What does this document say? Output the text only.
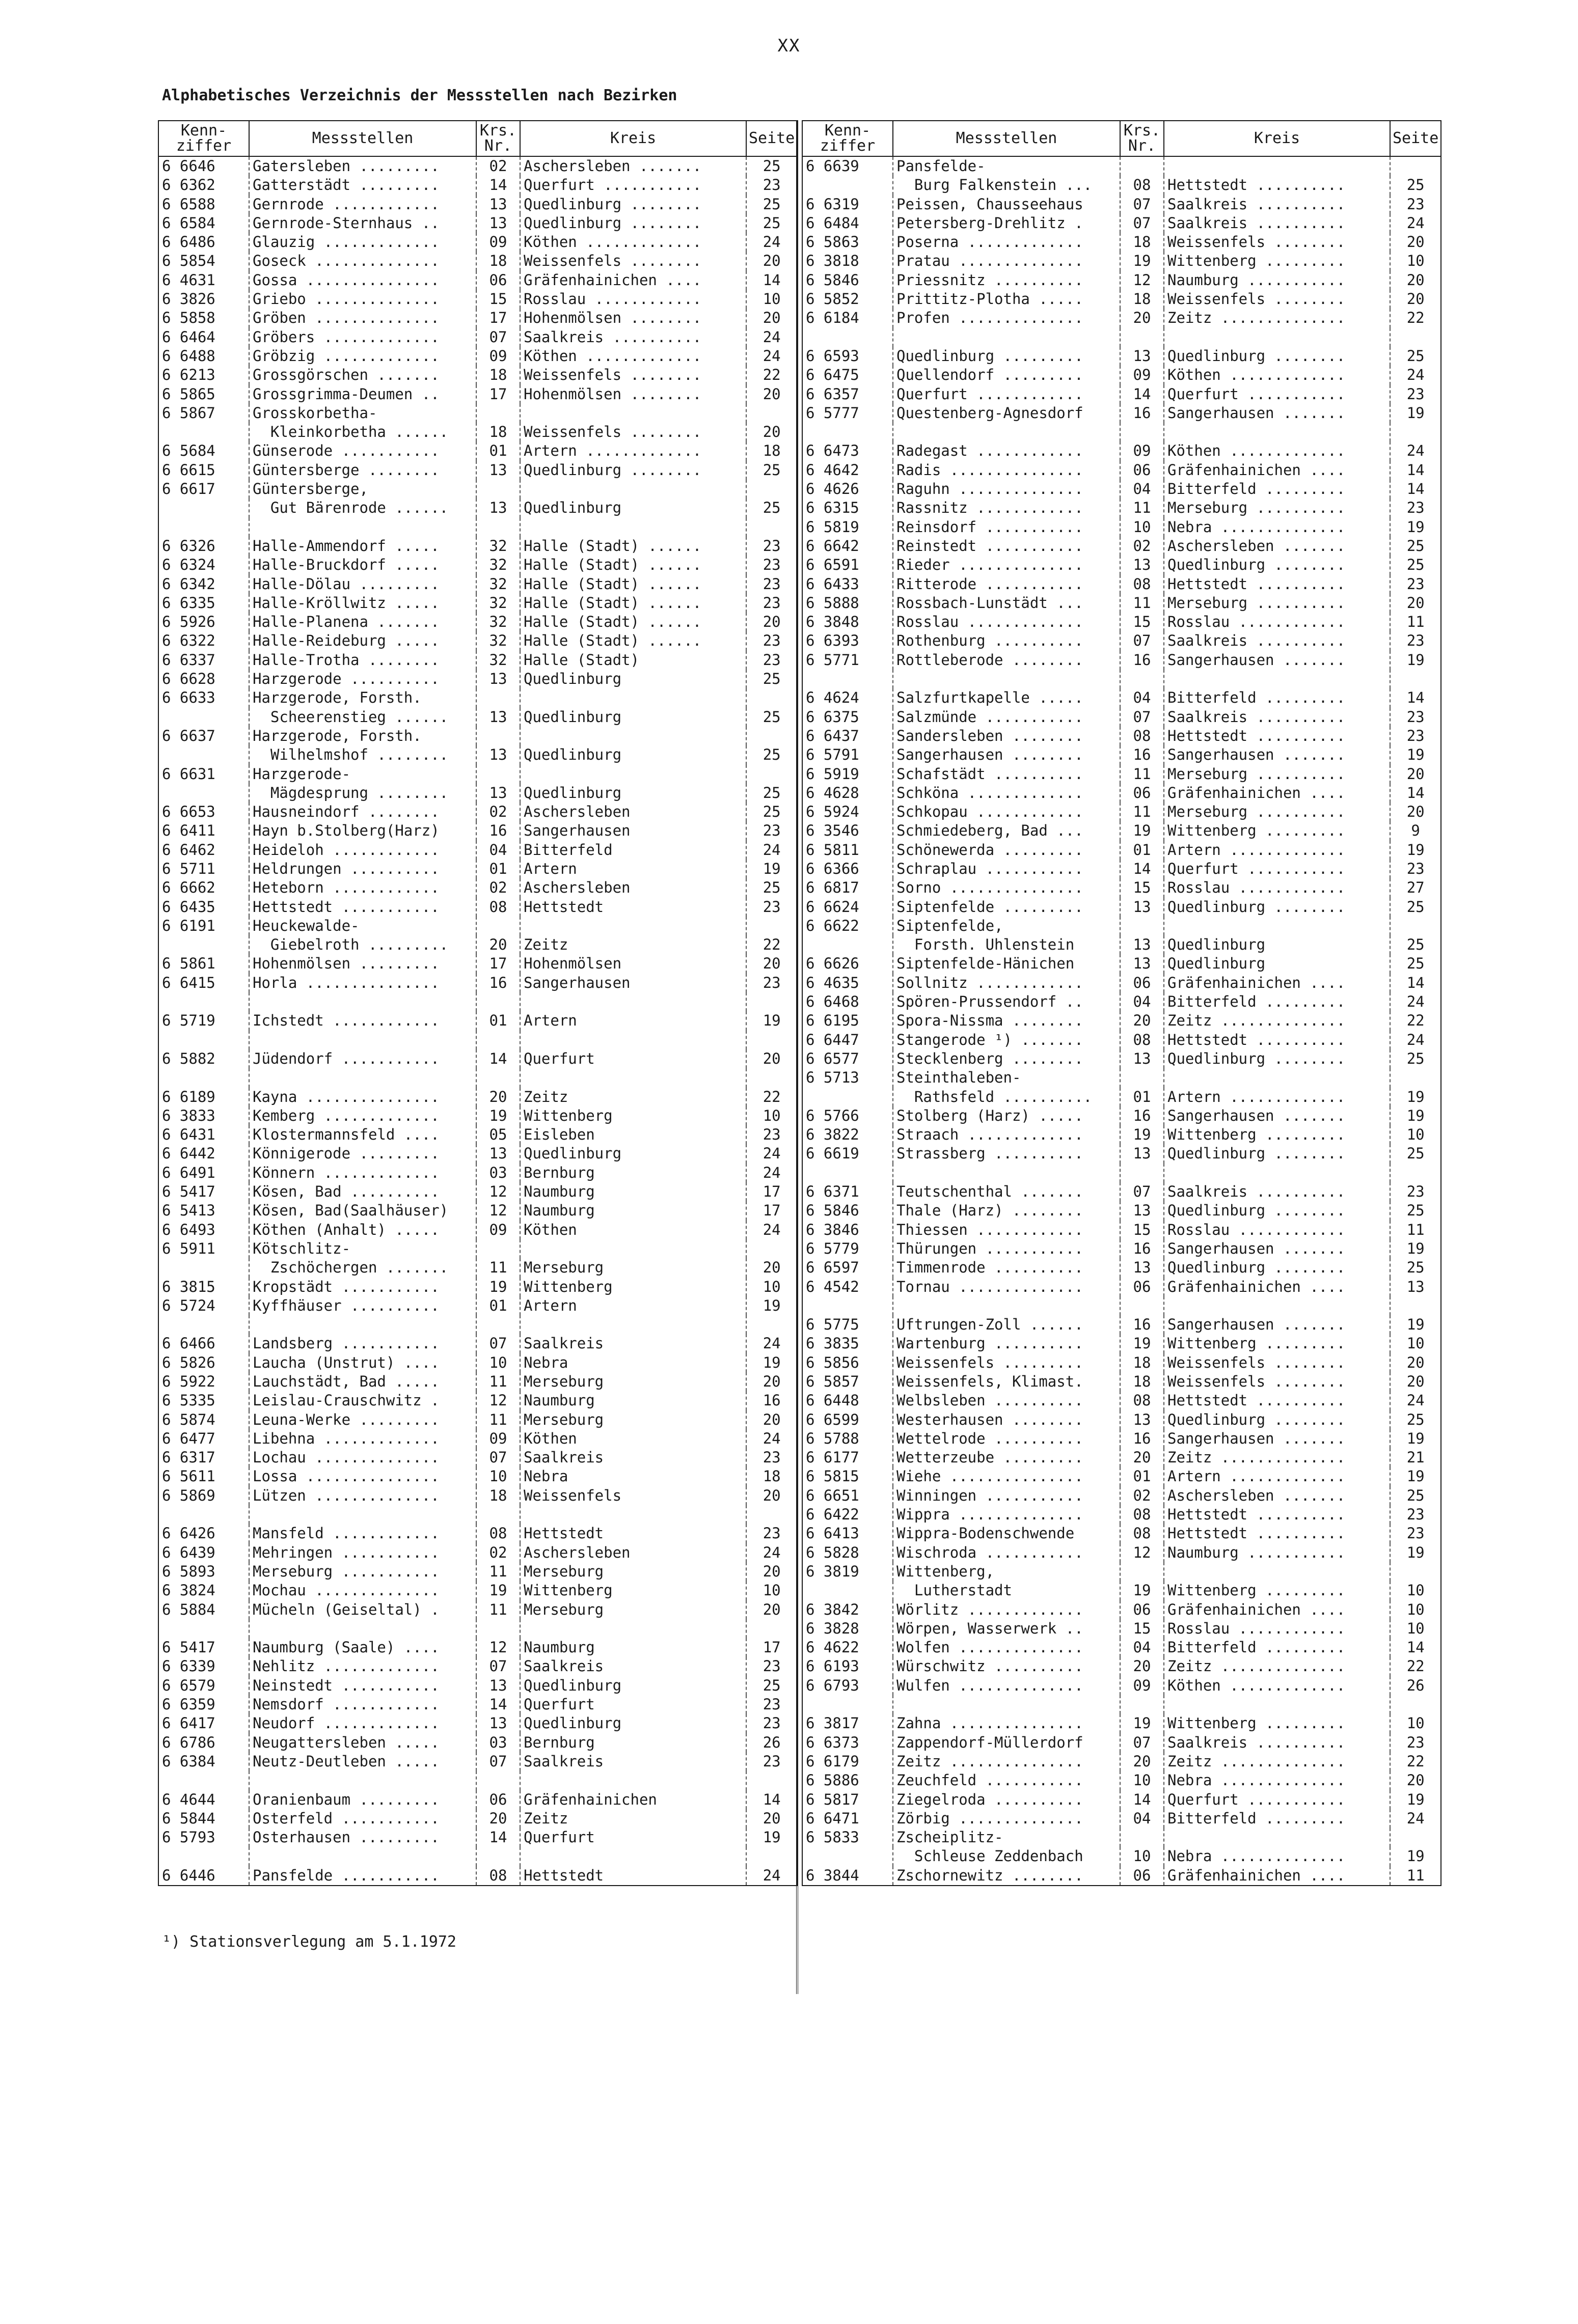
XX
Alphabetisches Verzeichnis der Messstellen nach Bezirken
Kenn-
ziffer	Messstellen	Krs.
Nr.	Kreis	Seite
6 6646	Gatersleben .........	02	Aschersleben .......	25
6 6362	Gatterstädt .........	14	Querfurt ...........	23
6 6588	Gernrode ............	13	Quedlinburg ........	25
6 6584	Gernrode-Sternhaus ..	13	Quedlinburg ........	25
6 6486	Glauzig .............	09	Köthen .............	24
6 5854	Goseck ..............	18	Weissenfels ........	20
6 4631	Gossa ...............	06	Gräfenhainichen ....	14
6 3826	Griebo ..............	15	Rosslau ............	10
6 5858	Gröben ..............	17	Hohenmölsen ........	20
6 6464	Gröbers .............	07	Saalkreis ..........	24
6 6488	Gröbzig .............	09	Köthen .............	24
6 6213	Grossgörschen .......	18	Weissenfels ........	22
6 5865	Grossgrimma-Deumen ..	17	Hohenmölsen ........	20
6 5867	Grosskorbetha-			
	Kleinkorbetha ......	18	Weissenfels ........	20
6 5684	Günserode ...........	01	Artern .............	18
6 6615	Güntersberge ........	13	Quedlinburg ........	25
6 6617	Güntersberge,			
	Gut Bärenrode ......	13	Quedlinburg	25

6 6326	Halle-Ammendorf .....	32	Halle (Stadt) ......	23
6 6324	Halle-Bruckdorf .....	32	Halle (Stadt) ......	23
6 6342	Halle-Dölau .........	32	Halle (Stadt) ......	23
6 6335	Halle-Kröllwitz .....	32	Halle (Stadt) ......	23
6 5926	Halle-Planena .......	32	Halle (Stadt) ......	20
6 6322	Halle-Reideburg .....	32	Halle (Stadt) ......	23
6 6337	Halle-Trotha ........	32	Halle (Stadt)	23
6 6628	Harzgerode ..........	13	Quedlinburg	25
6 6633	Harzgerode, Forsth.			
	Scheerenstieg ......	13	Quedlinburg	25
6 6637	Harzgerode, Forsth.			
	Wilhelmshof ........	13	Quedlinburg	25
6 6631	Harzgerode-			
	Mägdesprung ........	13	Quedlinburg	25
6 6653	Hausneindorf ........	02	Aschersleben	25
6 6411	Hayn b.Stolberg(Harz)	16	Sangerhausen	23
6 6462	Heideloh ............	04	Bitterfeld	24
6 5711	Heldrungen ..........	01	Artern	19
6 6662	Heteborn ............	02	Aschersleben	25
6 6435	Hettstedt ...........	08	Hettstedt	23
6 6191	Heuckewalde-			
	Giebelroth .........	20	Zeitz	22
6 5861	Hohenmölsen .........	17	Hohenmölsen	20
6 6415	Horla ...............	16	Sangerhausen	23

6 5719	Ichstedt ............	01	Artern	19

6 5882	Jüdendorf ...........	14	Querfurt	20

6 6189	Kayna ...............	20	Zeitz	22
6 3833	Kemberg .............	19	Wittenberg	10
6 6431	Klostermannsfeld ....	05	Eisleben	23
6 6442	Könnigerode .........	13	Quedlinburg	24
6 6491	Könnern .............	03	Bernburg	24
6 5417	Kösen, Bad ..........	12	Naumburg	17
6 5413	Kösen, Bad(Saalhäuser)	12	Naumburg	17
6 6493	Köthen (Anhalt) .....	09	Köthen	24
6 5911	Kötschlitz-			
	Zschöchergen .......	11	Merseburg	20
6 3815	Kropstädt ...........	19	Wittenberg	10
6 5724	Kyffhäuser ..........	01	Artern	19

6 6466	Landsberg ...........	07	Saalkreis	24
6 5826	Laucha (Unstrut) ....	10	Nebra	19
6 5922	Lauchstädt, Bad .....	11	Merseburg	20
6 5335	Leislau-Crauschwitz .	12	Naumburg	16
6 5874	Leuna-Werke .........	11	Merseburg	20
6 6477	Libehna .............	09	Köthen	24
6 6317	Lochau ..............	07	Saalkreis	23
6 5611	Lossa ...............	10	Nebra	18
6 5869	Lützen ..............	18	Weissenfels	20

6 6426	Mansfeld ............	08	Hettstedt	23
6 6439	Mehringen ...........	02	Aschersleben	24
6 5893	Merseburg ...........	11	Merseburg	20
6 3824	Mochau ..............	19	Wittenberg	10
6 5884	Mücheln (Geiseltal) .	11	Merseburg	20

6 5417	Naumburg (Saale) ....	12	Naumburg	17
6 6339	Nehlitz .............	07	Saalkreis	23
6 6579	Neinstedt ...........	13	Quedlinburg	25
6 6359	Nemsdorf ............	14	Querfurt	23
6 6417	Neudorf .............	13	Quedlinburg	23
6 6786	Neugattersleben .....	03	Bernburg	26
6 6384	Neutz-Deutleben .....	07	Saalkreis	23

6 4644	Oranienbaum .........	06	Gräfenhainichen	14
6 5844	Osterfeld ...........	20	Zeitz	20
6 5793	Osterhausen .........	14	Querfurt	19

6 6446	Pansfelde ...........	08	Hettstedt	24
Kenn-
ziffer	Messstellen	Krs.
Nr.	Kreis	Seite
6 6639	Pansfelde-			
	Burg Falkenstein ...	08	Hettstedt ..........	25
6 6319	Peissen, Chausseehaus	07	Saalkreis ..........	23
6 6484	Petersberg-Drehlitz .	07	Saalkreis ..........	24
6 5863	Poserna .............	18	Weissenfels ........	20
6 3818	Pratau ..............	19	Wittenberg .........	10
6 5846	Priessnitz ..........	12	Naumburg ...........	20
6 5852	Prittitz-Plotha .....	18	Weissenfels ........	20
6 6184	Profen ..............	20	Zeitz ..............	22

6 6593	Quedlinburg .........	13	Quedlinburg ........	25
6 6475	Quellendorf .........	09	Köthen .............	24
6 6357	Querfurt ............	14	Querfurt ...........	23
6 5777	Questenberg-Agnesdorf	16	Sangerhausen .......	19

6 6473	Radegast ............	09	Köthen .............	24
6 4642	Radis ...............	06	Gräfenhainichen ....	14
6 4626	Raguhn ..............	04	Bitterfeld .........	14
6 6315	Rassnitz ............	11	Merseburg ..........	23
6 5819	Reinsdorf ...........	10	Nebra ..............	19
6 6642	Reinstedt ...........	02	Aschersleben .......	25
6 6591	Rieder ..............	13	Quedlinburg ........	25
6 6433	Ritterode ...........	08	Hettstedt ..........	23
6 5888	Rossbach-Lunstädt ...	11	Merseburg ..........	20
6 3848	Rosslau .............	15	Rosslau ............	11
6 6393	Rothenburg ..........	07	Saalkreis ..........	23
6 5771	Rottleberode ........	16	Sangerhausen .......	19

6 4624	Salzfurtkapelle .....	04	Bitterfeld .........	14
6 6375	Salzmünde ...........	07	Saalkreis ..........	23
6 6437	Sandersleben ........	08	Hettstedt ..........	23
6 5791	Sangerhausen ........	16	Sangerhausen .......	19
6 5919	Schafstädt ..........	11	Merseburg ..........	20
6 4628	Schköna .............	06	Gräfenhainichen ....	14
6 5924	Schkopau ............	11	Merseburg ..........	20
6 3546	Schmiedeberg, Bad ...	19	Wittenberg .........	9
6 5811	Schönewerda .........	01	Artern .............	19
6 6366	Schraplau ...........	14	Querfurt ...........	23
6 6817	Sorno ...............	15	Rosslau ............	27
6 6624	Siptenfelde .........	13	Quedlinburg ........	25
6 6622	Siptenfelde,			
	Forsth. Uhlenstein	13	Quedlinburg	25
6 6626	Siptenfelde-Hänichen	13	Quedlinburg	25
6 4635	Sollnitz ............	06	Gräfenhainichen ....	14
6 6468	Spören-Prussendorf ..	04	Bitterfeld .........	24
6 6195	Spora-Nissma ........	20	Zeitz ..............	22
6 6447	Stangerode ¹) .......	08	Hettstedt ..........	24
6 6577	Stecklenberg ........	13	Quedlinburg ........	25
6 5713	Steinthaleben-			
	Rathsfeld ..........	01	Artern .............	19
6 5766	Stolberg (Harz) .....	16	Sangerhausen .......	19
6 3822	Straach .............	19	Wittenberg .........	10
6 6619	Strassberg ..........	13	Quedlinburg ........	25

6 6371	Teutschenthal .......	07	Saalkreis ..........	23
6 5846	Thale (Harz) ........	13	Quedlinburg ........	25
6 3846	Thiessen ............	15	Rosslau ............	11
6 5779	Thürungen ...........	16	Sangerhausen .......	19
6 6597	Timmenrode ..........	13	Quedlinburg ........	25
6 4542	Tornau ..............	06	Gräfenhainichen ....	13

6 5775	Uftrungen-Zoll ......	16	Sangerhausen .......	19
6 3835	Wartenburg ..........	19	Wittenberg .........	10
6 5856	Weissenfels .........	18	Weissenfels ........	20
6 5857	Weissenfels, Klimast.	18	Weissenfels ........	20
6 6448	Welbsleben ..........	08	Hettstedt ..........	24
6 6599	Westerhausen ........	13	Quedlinburg ........	25
6 5788	Wettelrode ..........	16	Sangerhausen .......	19
6 6177	Wetterzeube .........	20	Zeitz ..............	21
6 5815	Wiehe ...............	01	Artern .............	19
6 6651	Winningen ...........	02	Aschersleben .......	25
6 6422	Wippra ..............	08	Hettstedt ..........	23
6 6413	Wippra-Bodenschwende	08	Hettstedt ..........	23
6 5828	Wischroda ...........	12	Naumburg ...........	19
6 3819	Wittenberg,			
	Lutherstadt	19	Wittenberg .........	10
6 3842	Wörlitz .............	06	Gräfenhainichen ....	10
6 3828	Wörpen, Wasserwerk ..	15	Rosslau ............	10
6 4622	Wolfen ..............	04	Bitterfeld .........	14
6 6193	Würschwitz ..........	20	Zeitz ..............	22
6 6793	Wulfen ..............	09	Köthen .............	26

6 3817	Zahna ...............	19	Wittenberg .........	10
6 6373	Zappendorf-Müllerdorf	07	Saalkreis ..........	23
6 6179	Zeitz ...............	20	Zeitz ..............	22
6 5886	Zeuchfeld ...........	10	Nebra ..............	20
6 5817	Ziegelroda ..........	14	Querfurt ...........	19
6 6471	Zörbig ..............	04	Bitterfeld .........	24
6 5833	Zscheiplitz-			
	Schleuse Zeddenbach	10	Nebra ..............	19
6 3844	Zschornewitz ........	06	Gräfenhainichen ....	11
¹) Stationsverlegung am 5.1.1972
